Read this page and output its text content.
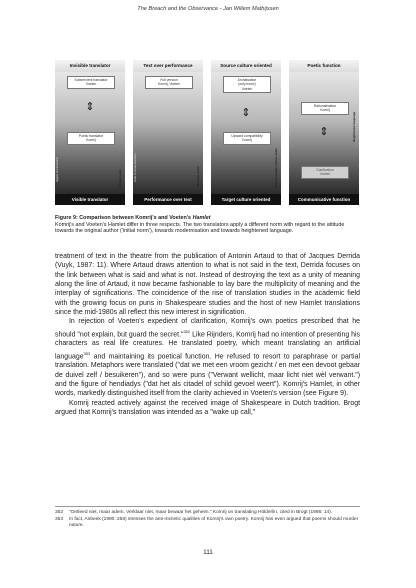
The Breach and the Observance - Jan Willem Mathijssen
Invisible translator
Subservient translator
Voeten
⇕
Poetic translator
Komrij
degree of intervention	Actual scale
Visible translator
Text over performance
Full version
Komrij, Voeten
scale of textual alteration	Identical scale
Performance over text
Source culture oriented
Archaisation
(only ironic)
Voeten
⇕
Upward compatibility
Komrij
Source-target culture scale
Target culture oriented
Poetic function
Rationalisation
Komrij
⇕
Clarification
Voeten
Heightened language
Communicative function
Figure 9: Comparison between Komrij's and Voeten's Hamlet
Komrij's and Voeten's Hamlet differ in three respects. The two translators apply a different norm with regard to the attitude towards the original author ('initial norm'), towards modernisation and towards heightened language.

treatment of text in the theatre from the publication of Antonin Artaud to that of Jacques Derrida (Vuyk, 1987: 11). Where Artaud draws attention to what is not said in the text, Derrida focuses on the link between what is said and what is not. Instead of destroying the text as a unity of meaning along the line of Artaud, it now became fashionable to lay bare the multiplicity of meaning and the interplay of significations. The coincidence of the rise of translation studies in the academic field with the growing focus on puns in Shakespeare studies and the host of new Hamlet translations since the mid-1980s all reflect this new interest in signification.

In rejection of Voeten's expedient of clarification, Komrij's own poetics prescribed that he should "not explain, but guard the secret."$^{352}$ Like Rijnders, Komrij had no intention of presenting his characters as real life creatures. He translated poetry, which meant translating an artificial language$^{353}$ and maintaining its poetical function. He refused to resort to paraphrase or partial translation. Metaphors were translated ("dat we met een vroom gezicht / en met een devoot gebaar de duivel zelf / besuikeren"), and so were puns ("Verwant wellicht, maar licht niet wèl verwant.") and the figure of hendiadys ("dat het als citadel of schild gevoel weert"). Komrij's Hamlet, in other words, markedly distinguished itself from the clarity achieved in Voeten's version (see Figure 9).

Komrij reacted actively against the received image of Shakespeare in Dutch tradition. Brogt argued that Komrij's translation was intended as a "wake up call,"

352	"Ontleed niet, maar adem. Verklaar niet, maar bewaar het geheim." Komrij on translating Hölderlin, cited in Brogt (1986: 14).
353	In fact, Anbeek (1990: 258) stresses the anti-mimetic qualities of Komrij's own poetry. Komrij has even argued that poems should murder nature.
111
